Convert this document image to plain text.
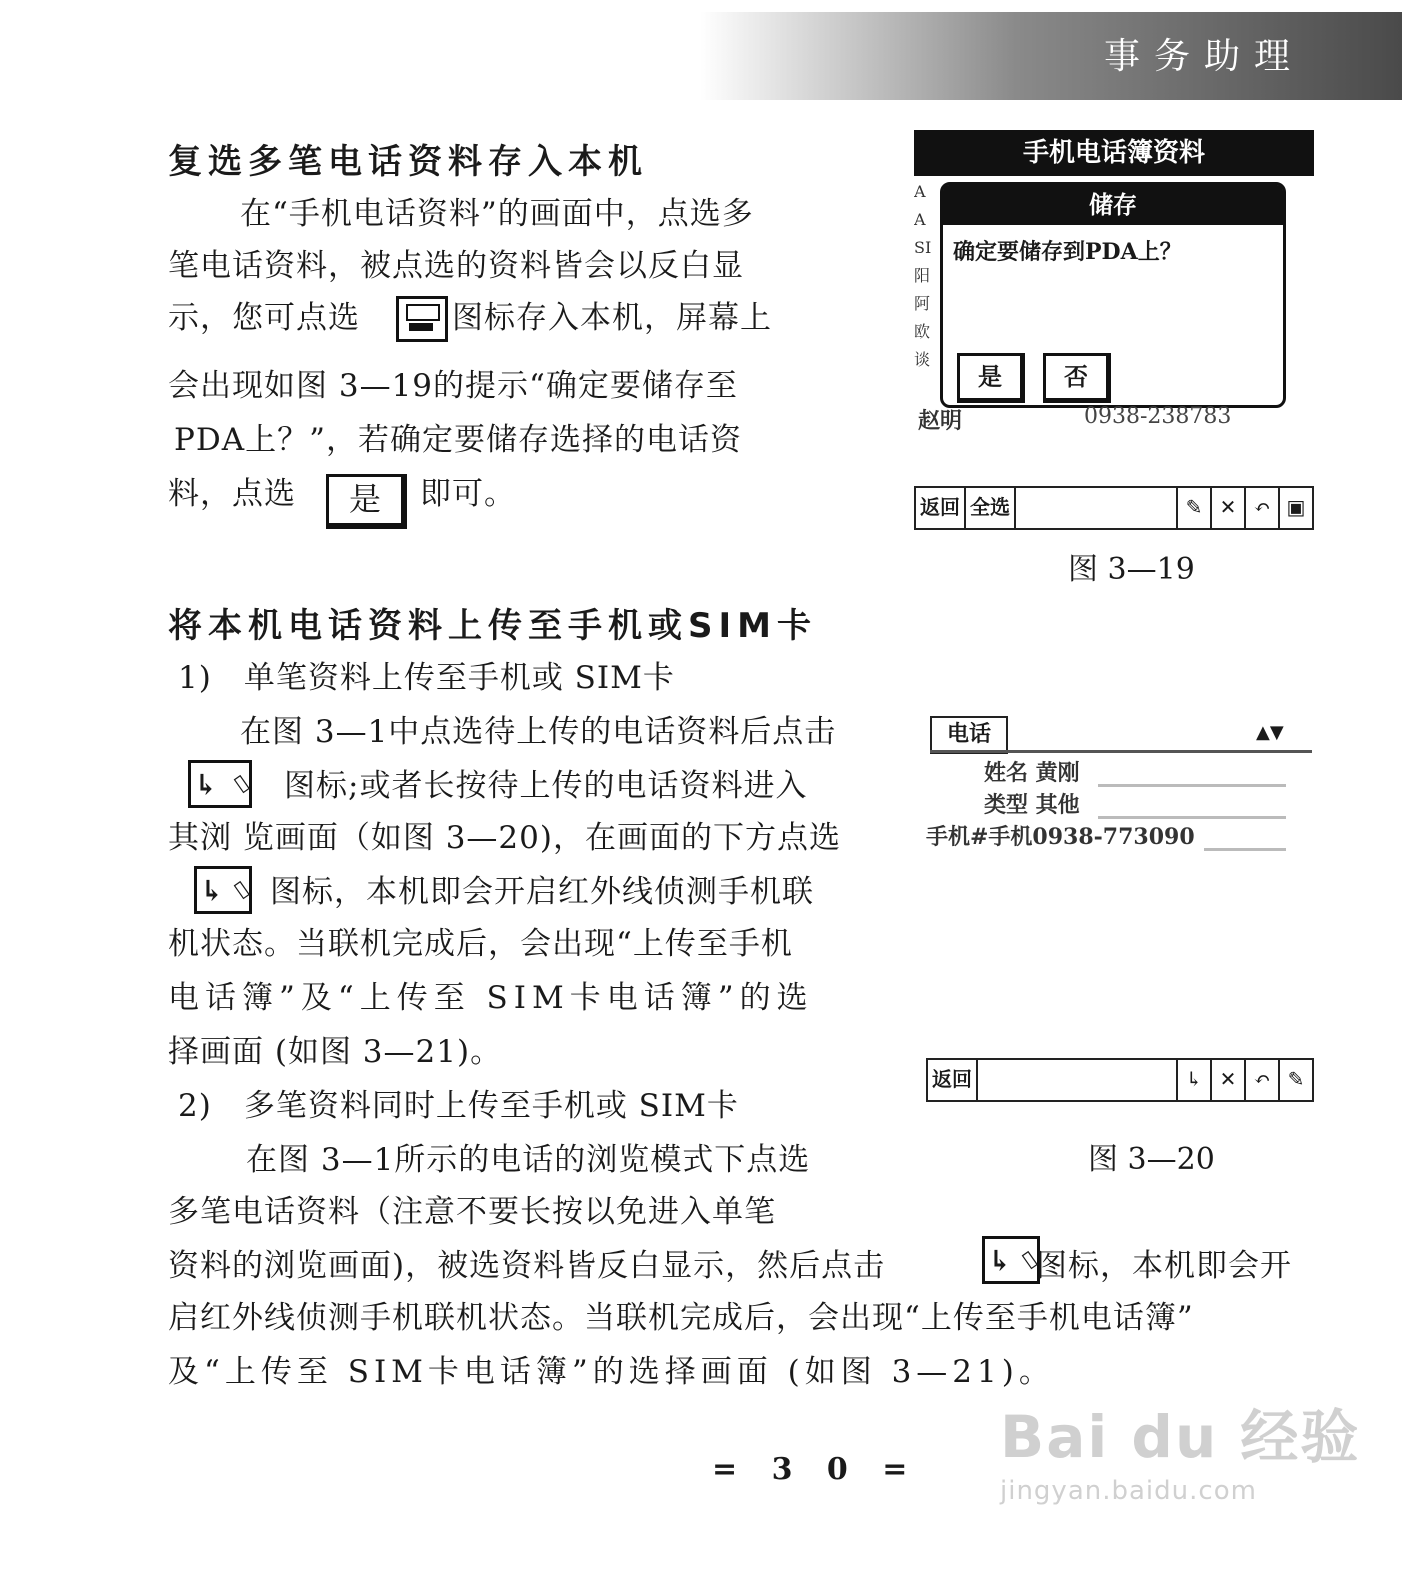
事务助理
复选多笔电话资料存入本机
在“手机电话资料”的画面中，点选多
笔电话资料，被点选的资料皆会以反白显
示，您可点选	图标存入本机，屏幕上
会出现如图 3—19的提示“确定要储存至
PDA上？”，若确定要储存选择的电话资
料，点选	是	即可。
手机电话簿资料
A
A
SI
阳
阿
欧
谈
储存
确定要储存到PDA上？
是	否
赵明	0938-238783
返回 全选	✎ ✕ ↶ ▣
图 3—19
将本机电话资料上传至手机或SIM卡
1)　单笔资料上传至手机或 SIM卡
在图 3—1中点选待上传的电话资料后点击
↳ ▯ 图标;或者长按待上传的电话资料进入
其浏 览画面（如图 3—20)，在画面的下方点选
↳ ▯ 图标，本机即会开启红外线侦测手机联
机状态。当联机完成后，会出现“上传至手机
电话簿”及“上传至 SIM卡电话簿”的选
择画面 (如图 3—21)。
2)　多笔资料同时上传至手机或 SIM卡
在图 3—1所示的电话的浏览模式下点选
多笔电话资料（注意不要长按以免进入单笔
资料的浏览画面)，被选资料皆反白显示，然后点击	↳ ▯
图标，本机即会开
启红外线侦测手机联机状态。当联机完成后，会出现“上传至手机电话簿”
及“上传至 SIM卡电话簿”的选择画面 (如图 3—21)。
电话	▲▼
姓名 黄刚
类型 其他
手机#手机0938-773090
返回	↳ ✕ ↶ ✎
图 3—20
= 3 0 = Bai du 经验
jingyan.baidu.com
